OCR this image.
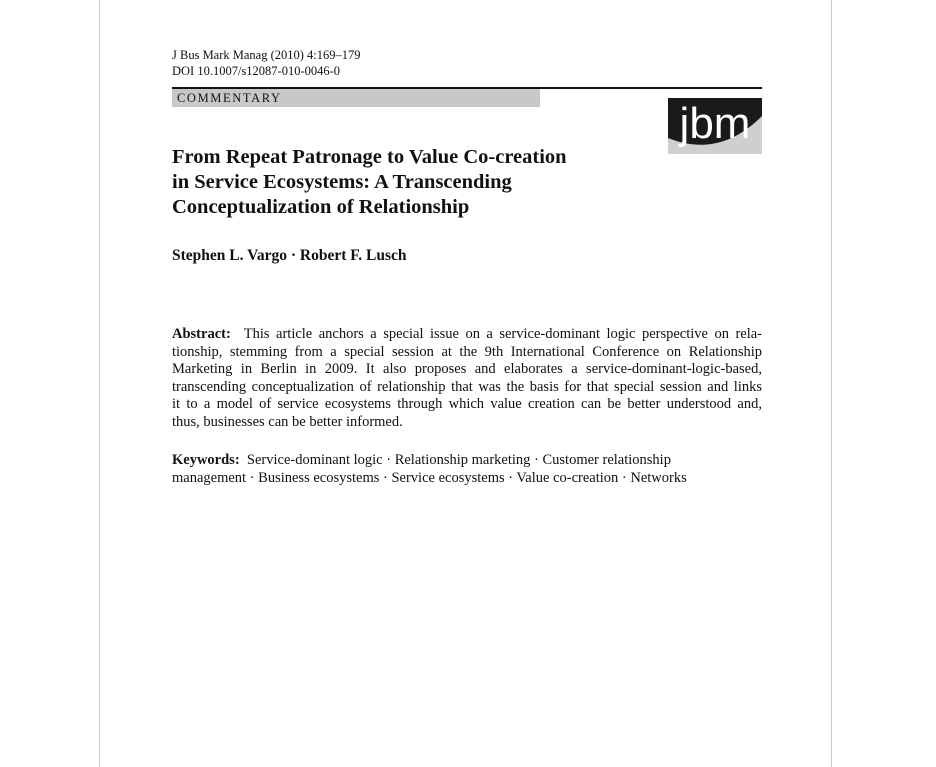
J Bus Mark Manag (2010) 4:169–179
DOI 10.1007/s12087-010-0046-0
COMMENTARY
jbm
From Repeat Patronage to Value Co-creation
in Service Ecosystems: A Transcending
Conceptualization of Relationship
Stephen L. Vargo · Robert F. Lusch
Abstract: This article anchors a special issue on a service-dominant logic perspective on rela-
tionship, stemming from a special session at the 9th International Conference on Relationship
Marketing in Berlin in 2009. It also proposes and elaborates a service-dominant-logic-based,
transcending conceptualization of relationship that was the basis for that special session and links
it to a model of service ecosystems through which value creation can be better understood and,
thus, businesses can be better informed.
Keywords: Service-dominant logic · Relationship marketing · Customer relationship
management · Business ecosystems · Service ecosystems · Value co-creation · Networks
